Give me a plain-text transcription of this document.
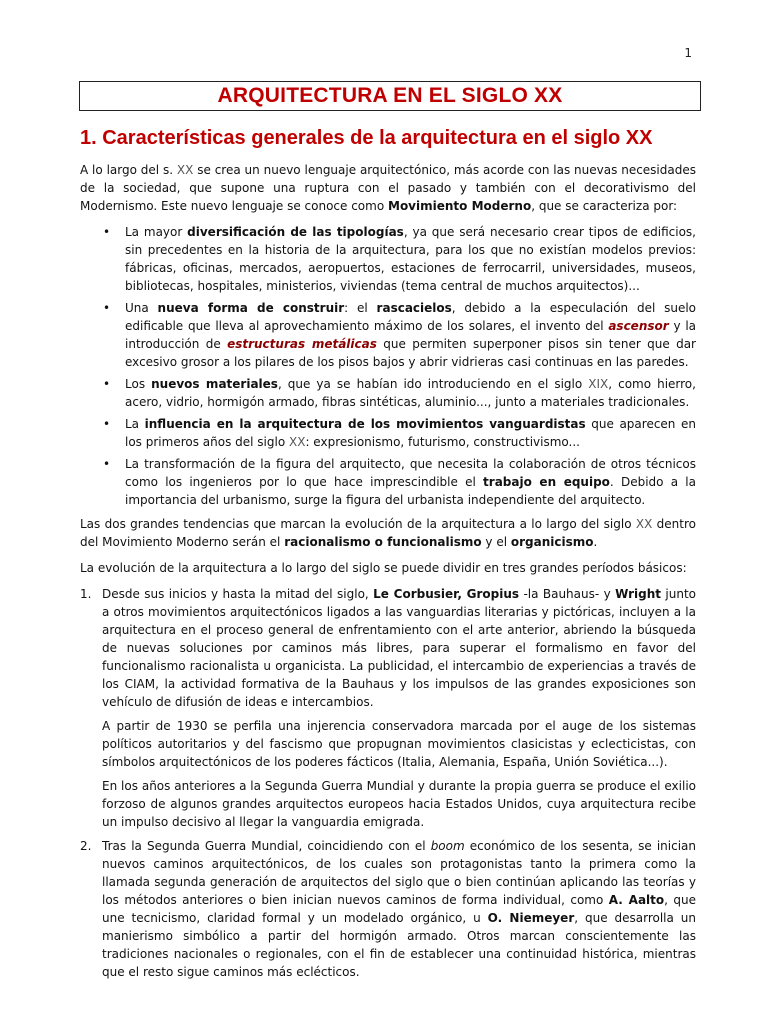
1
ARQUITECTURA EN EL SIGLO XX
1. Características generales de la arquitectura en el siglo XX

A lo largo del s. XX se crea un nuevo lenguaje arquitectónico, más acorde con las nuevas necesidades de la sociedad, que supone una ruptura con el pasado y también con el decorativismo del Modernismo. Este nuevo lenguaje se conoce como Movimiento Moderno, que se caracteriza por:

• La mayor diversificación de las tipologías, ya que será necesario crear tipos de edificios, sin precedentes en la historia de la arquitectura, para los que no existían modelos previos: fábricas, oficinas, mercados, aeropuertos, estaciones de ferrocarril, universidades, museos, bibliotecas, hospitales, ministerios, viviendas (tema central de muchos arquitectos)...
• Una nueva forma de construir: el rascacielos, debido a la especulación del suelo edificable que lleva al aprovechamiento máximo de los solares, el invento del ascensor y la introducción de estructuras metálicas que permiten superponer pisos sin tener que dar excesivo grosor a los pilares de los pisos bajos y abrir vidrieras casi continuas en las paredes.
• Los nuevos materiales, que ya se habían ido introduciendo en el siglo XIX, como hierro, acero, vidrio, hormigón armado, fibras sintéticas, aluminio..., junto a materiales tradicionales.
• La influencia en la arquitectura de los movimientos vanguardistas que aparecen en los primeros años del siglo XX: expresionismo, futurismo, constructivismo...
• La transformación de la figura del arquitecto, que necesita la colaboración de otros técnicos como los ingenieros por lo que hace imprescindible el trabajo en equipo. Debido a la importancia del urbanismo, surge la figura del urbanista independiente del arquitecto.

Las dos grandes tendencias que marcan la evolución de la arquitectura a lo largo del siglo XX dentro del Movimiento Moderno serán el racionalismo o funcionalismo y el organicismo.

La evolución de la arquitectura a lo largo del siglo se puede dividir en tres grandes períodos básicos:

1. Desde sus inicios y hasta la mitad del siglo, Le Corbusier, Gropius -la Bauhaus- y Wright junto a otros movimientos arquitectónicos ligados a las vanguardias literarias y pictóricas, incluyen a la arquitectura en el proceso general de enfrentamiento con el arte anterior, abriendo la búsqueda de nuevas soluciones por caminos más libres, para superar el formalismo en favor del funcionalismo racionalista u organicista. La publicidad, el intercambio de experiencias a través de los CIAM, la actividad formativa de la Bauhaus y los impulsos de las grandes exposiciones son vehículo de difusión de ideas e intercambios.

A partir de 1930 se perfila una injerencia conservadora marcada por el auge de los sistemas políticos autoritarios y del fascismo que propugnan movimientos clasicistas y eclecticistas, con símbolos arquitectónicos de los poderes fácticos (Italia, Alemania, España, Unión Soviética...).

En los años anteriores a la Segunda Guerra Mundial y durante la propia guerra se produce el exilio forzoso de algunos grandes arquitectos europeos hacia Estados Unidos, cuya arquitectura recibe un impulso decisivo al llegar la vanguardia emigrada.

2. Tras la Segunda Guerra Mundial, coincidiendo con el boom económico de los sesenta, se inician nuevos caminos arquitectónicos, de los cuales son protagonistas tanto la primera como la llamada segunda generación de arquitectos del siglo que o bien continúan aplicando las teorías y los métodos anteriores o bien inician nuevos caminos de forma individual, como A. Aalto, que une tecnicismo, claridad formal y un modelado orgánico, u O. Niemeyer, que desarrolla un manierismo simbólico a partir del hormigón armado. Otros marcan conscientemente las tradiciones nacionales o regionales, con el fin de establecer una continuidad histórica, mientras que el resto sigue caminos más eclécticos.
